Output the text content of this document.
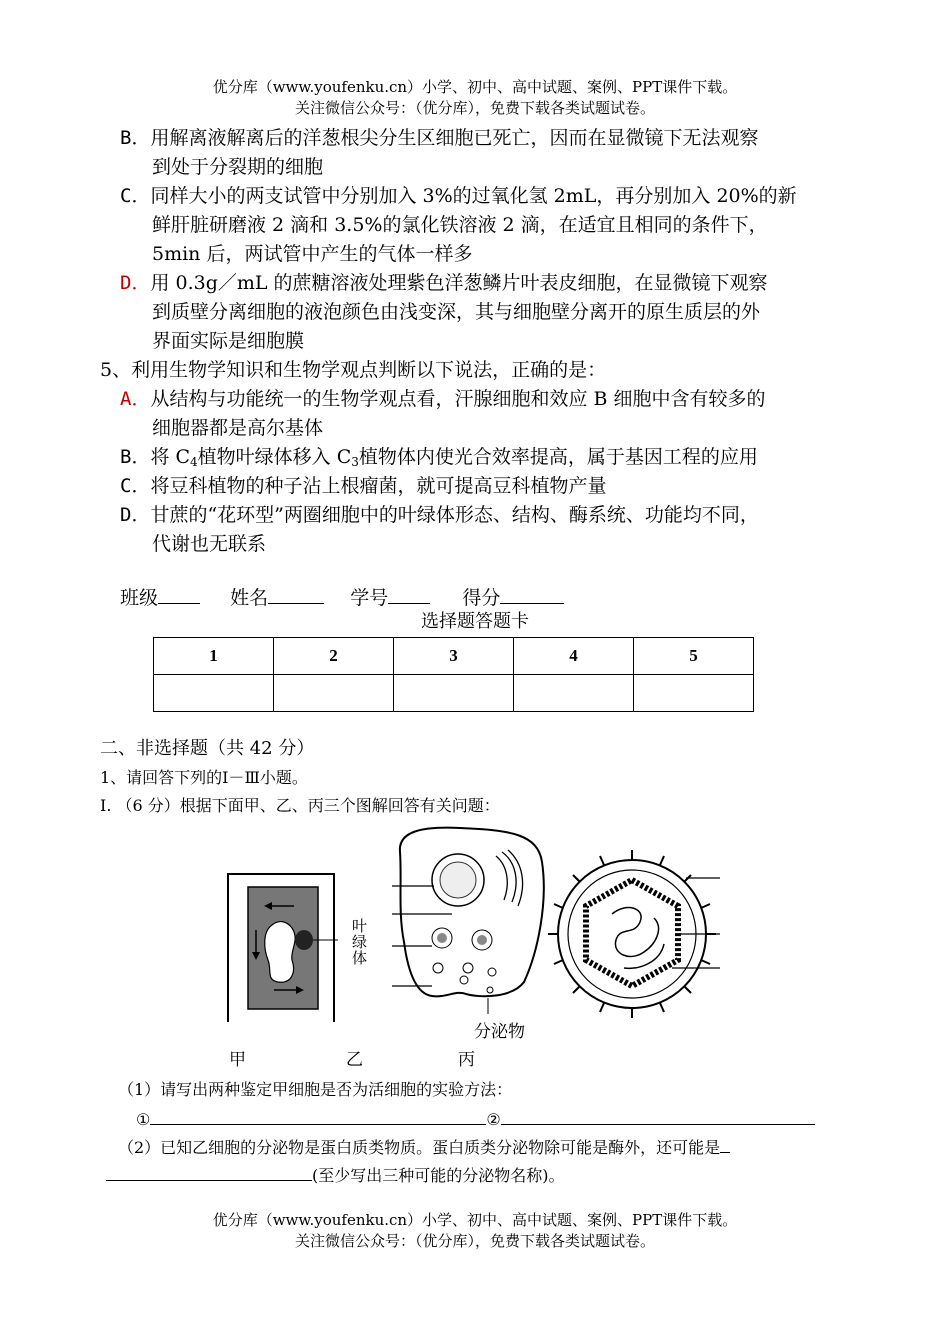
优分库（www.youfenku.cn）小学、初中、高中试题、案例、PPT课件下载。
关注微信公众号：（优分库），免费下载各类试题试卷。
B．用解离液解离后的洋葱根尖分生区细胞已死亡，因而在显微镜下无法观察
到处于分裂期的细胞
C．同样大小的两支试管中分别加入 3%的过氧化氢 2mL，再分别加入 20%的新
鲜肝脏研磨液 2 滴和 3.5%的氯化铁溶液 2 滴，在适宜且相同的条件下，
5min 后，两试管中产生的气体一样多
D．用 0.3g／mL 的蔗糖溶液处理紫色洋葱鳞片叶表皮细胞，在显微镜下观察
到质壁分离细胞的液泡颜色由浅变深，其与细胞壁分离开的原生质层的外
界面实际是细胞膜
5、利用生物学知识和生物学观点判断以下说法，正确的是：
A．从结构与功能统一的生物学观点看，汗腺细胞和效应 B 细胞中含有较多的
细胞器都是高尔基体
B．将 $C_4$植物叶绿体移入 $C_3$植物体内使光合效率提高，属于基因工程的应用
C．将豆科植物的种子沾上根瘤菌，就可提高豆科植物产量
D．甘蔗的“花环型”两圈细胞中的叶绿体形态、结构、酶系统、功能均不同，
代谢也无联系
班级	姓名	学号	得分
选择题答题卡
1	2	3	4	5

二、非选择题（共 42 分）
1、请回答下列的Ⅰ－Ⅲ小题。
Ⅰ. （6 分）根据下面甲、乙、丙三个图解回答有关问题：
叶绿体
分泌物
甲	乙	丙
（1）请写出两种鉴定甲细胞是否为活细胞的实验方法：
①	②
（2）已知乙细胞的分泌物是蛋白质类物质。蛋白质类分泌物除可能是酶外，还可能是
(至少写出三种可能的分泌物名称)。
优分库（www.youfenku.cn）小学、初中、高中试题、案例、PPT课件下载。
关注微信公众号：（优分库），免费下载各类试题试卷。
